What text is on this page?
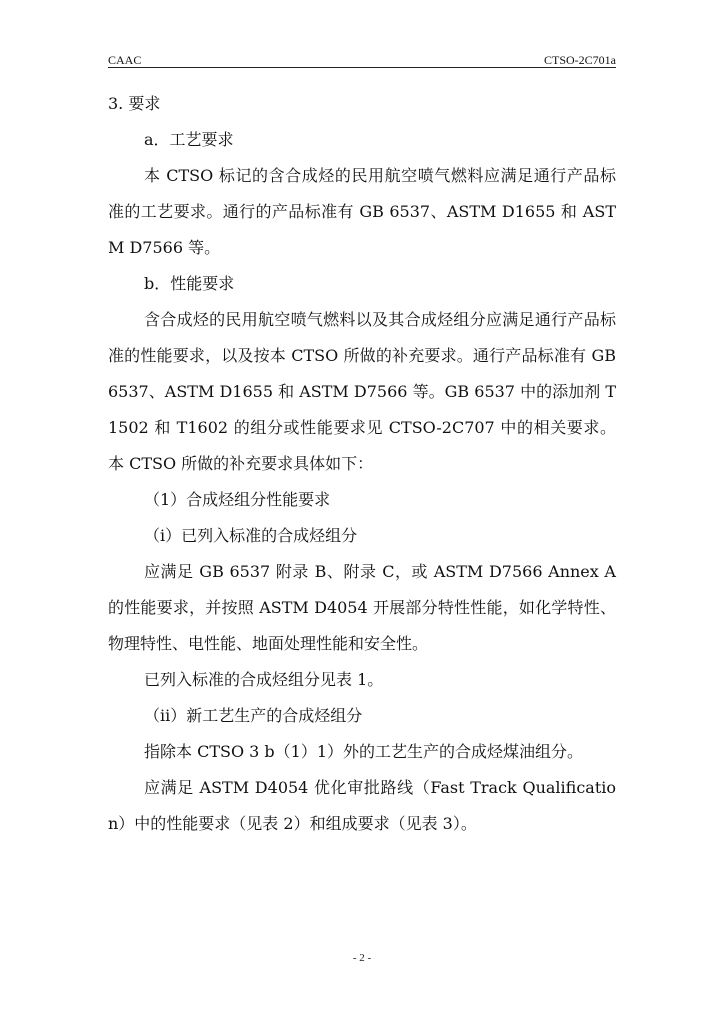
CAAC	CTSO-2C701a

3. 要求

a．工艺要求

本 CTSO 标记的含合成烃的民用航空喷气燃料应满足通行产品标准的工艺要求。通行的产品标准有 GB 6537、ASTM D1655 和 ASTM D7566 等。

b．性能要求

含合成烃的民用航空喷气燃料以及其合成烃组分应满足通行产品标准的性能要求，以及按本 CTSO 所做的补充要求。通行产品标准有 GB 6537、ASTM D1655 和 ASTM D7566 等。GB 6537 中的添加剂 T1502 和 T1602 的组分或性能要求见 CTSO-2C707 中的相关要求。本 CTSO 所做的补充要求具体如下：

（1）合成烃组分性能要求

（i）已列入标准的合成烃组分

应满足 GB 6537 附录 B、附录 C，或 ASTM D7566 Annex A 的性能要求，并按照 ASTM D4054 开展部分特性性能，如化学特性、物理特性、电性能、地面处理性能和安全性。

已列入标准的合成烃组分见表 1。

（ii）新工艺生产的合成烃组分

指除本 CTSO 3 b（1）1）外的工艺生产的合成烃煤油组分。

应满足 ASTM D4054 优化审批路线（Fast Track Qualification）中的性能要求（见表 2）和组成要求（见表 3）。

- 2 -
